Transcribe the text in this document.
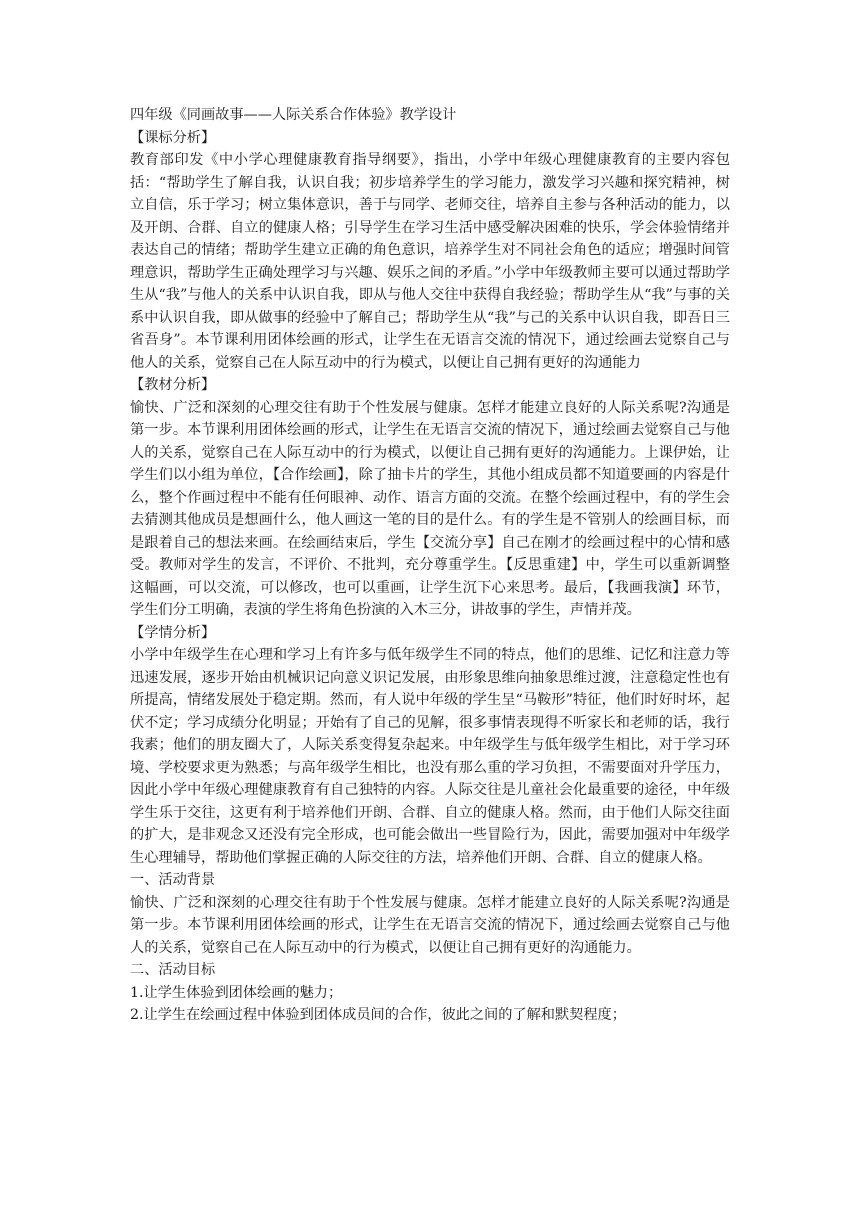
四年级《同画故事——人际关系合作体验》教学设计

【课标分析】

教育部印发《中小学心理健康教育指导纲要》，指出，小学中年级心理健康教育的主要内容包括：“帮助学生了解自我，认识自我；初步培养学生的学习能力，激发学习兴趣和探究精神，树立自信，乐于学习；树立集体意识，善于与同学、老师交往，培养自主参与各种活动的能力，以及开朗、合群、自立的健康人格；引导学生在学习生活中感受解决困难的快乐，学会体验情绪并表达自己的情绪；帮助学生建立正确的角色意识，培养学生对不同社会角色的适应；增强时间管理意识，帮助学生正确处理学习与兴趣、娱乐之间的矛盾。”小学中年级教师主要可以通过帮助学生从“我”与他人的关系中认识自我，即从与他人交往中获得自我经验；帮助学生从“我”与事的关系中认识自我，即从做事的经验中了解自己；帮助学生从“我”与己的关系中认识自我，即吾日三省吾身”。本节课利用团体绘画的形式，让学生在无语言交流的情况下，通过绘画去觉察自己与他人的关系，觉察自己在人际互动中的行为模式，以便让自己拥有更好的沟通能力

【教材分析】

愉快、广泛和深刻的心理交往有助于个性发展与健康。怎样才能建立良好的人际关系呢?沟通是第一步。本节课利用团体绘画的形式，让学生在无语言交流的情况下，通过绘画去觉察自己与他人的关系，觉察自己在人际互动中的行为模式，以便让自己拥有更好的沟通能力。上课伊始，让学生们以小组为单位，【合作绘画】，除了抽卡片的学生，其他小组成员都不知道要画的内容是什么，整个作画过程中不能有任何眼神、动作、语言方面的交流。在整个绘画过程中，有的学生会去猜测其他成员是想画什么，他人画这一笔的目的是什么。有的学生是不管别人的绘画目标，而是跟着自己的想法来画。在绘画结束后，学生【交流分享】自己在刚才的绘画过程中的心情和感受。教师对学生的发言，不评价、不批判，充分尊重学生。【反思重建】中，学生可以重新调整这幅画，可以交流，可以修改，也可以重画，让学生沉下心来思考。最后，【我画我演】环节，学生们分工明确，表演的学生将角色扮演的入木三分，讲故事的学生，声情并茂。

【学情分析】

小学中年级学生在心理和学习上有许多与低年级学生不同的特点，他们的思维、记忆和注意力等迅速发展，逐步开始由机械识记向意义识记发展，由形象思维向抽象思维过渡，注意稳定性也有所提高，情绪发展处于稳定期。然而，有人说中年级的学生呈“马鞍形”特征，他们时好时坏，起伏不定；学习成绩分化明显；开始有了自己的见解，很多事情表现得不听家长和老师的话，我行我素；他们的朋友圈大了，人际关系变得复杂起来。中年级学生与低年级学生相比，对于学习环境、学校要求更为熟悉；与高年级学生相比，也没有那么重的学习负担，不需要面对升学压力，因此小学中年级心理健康教育有自己独特的内容。人际交往是儿童社会化最重要的途径，中年级学生乐于交往，这更有利于培养他们开朗、合群、自立的健康人格。然而，由于他们人际交往面的扩大，是非观念又还没有完全形成，也可能会做出一些冒险行为，因此，需要加强对中年级学生心理辅导，帮助他们掌握正确的人际交往的方法，培养他们开朗、合群、自立的健康人格。

一、活动背景

愉快、广泛和深刻的心理交往有助于个性发展与健康。怎样才能建立良好的人际关系呢?沟通是第一步。本节课利用团体绘画的形式，让学生在无语言交流的情况下，通过绘画去觉察自己与他人的关系，觉察自己在人际互动中的行为模式，以便让自己拥有更好的沟通能力。

二、活动目标

1.让学生体验到团体绘画的魅力；

2.让学生在绘画过程中体验到团体成员间的合作，彼此之间的了解和默契程度；
